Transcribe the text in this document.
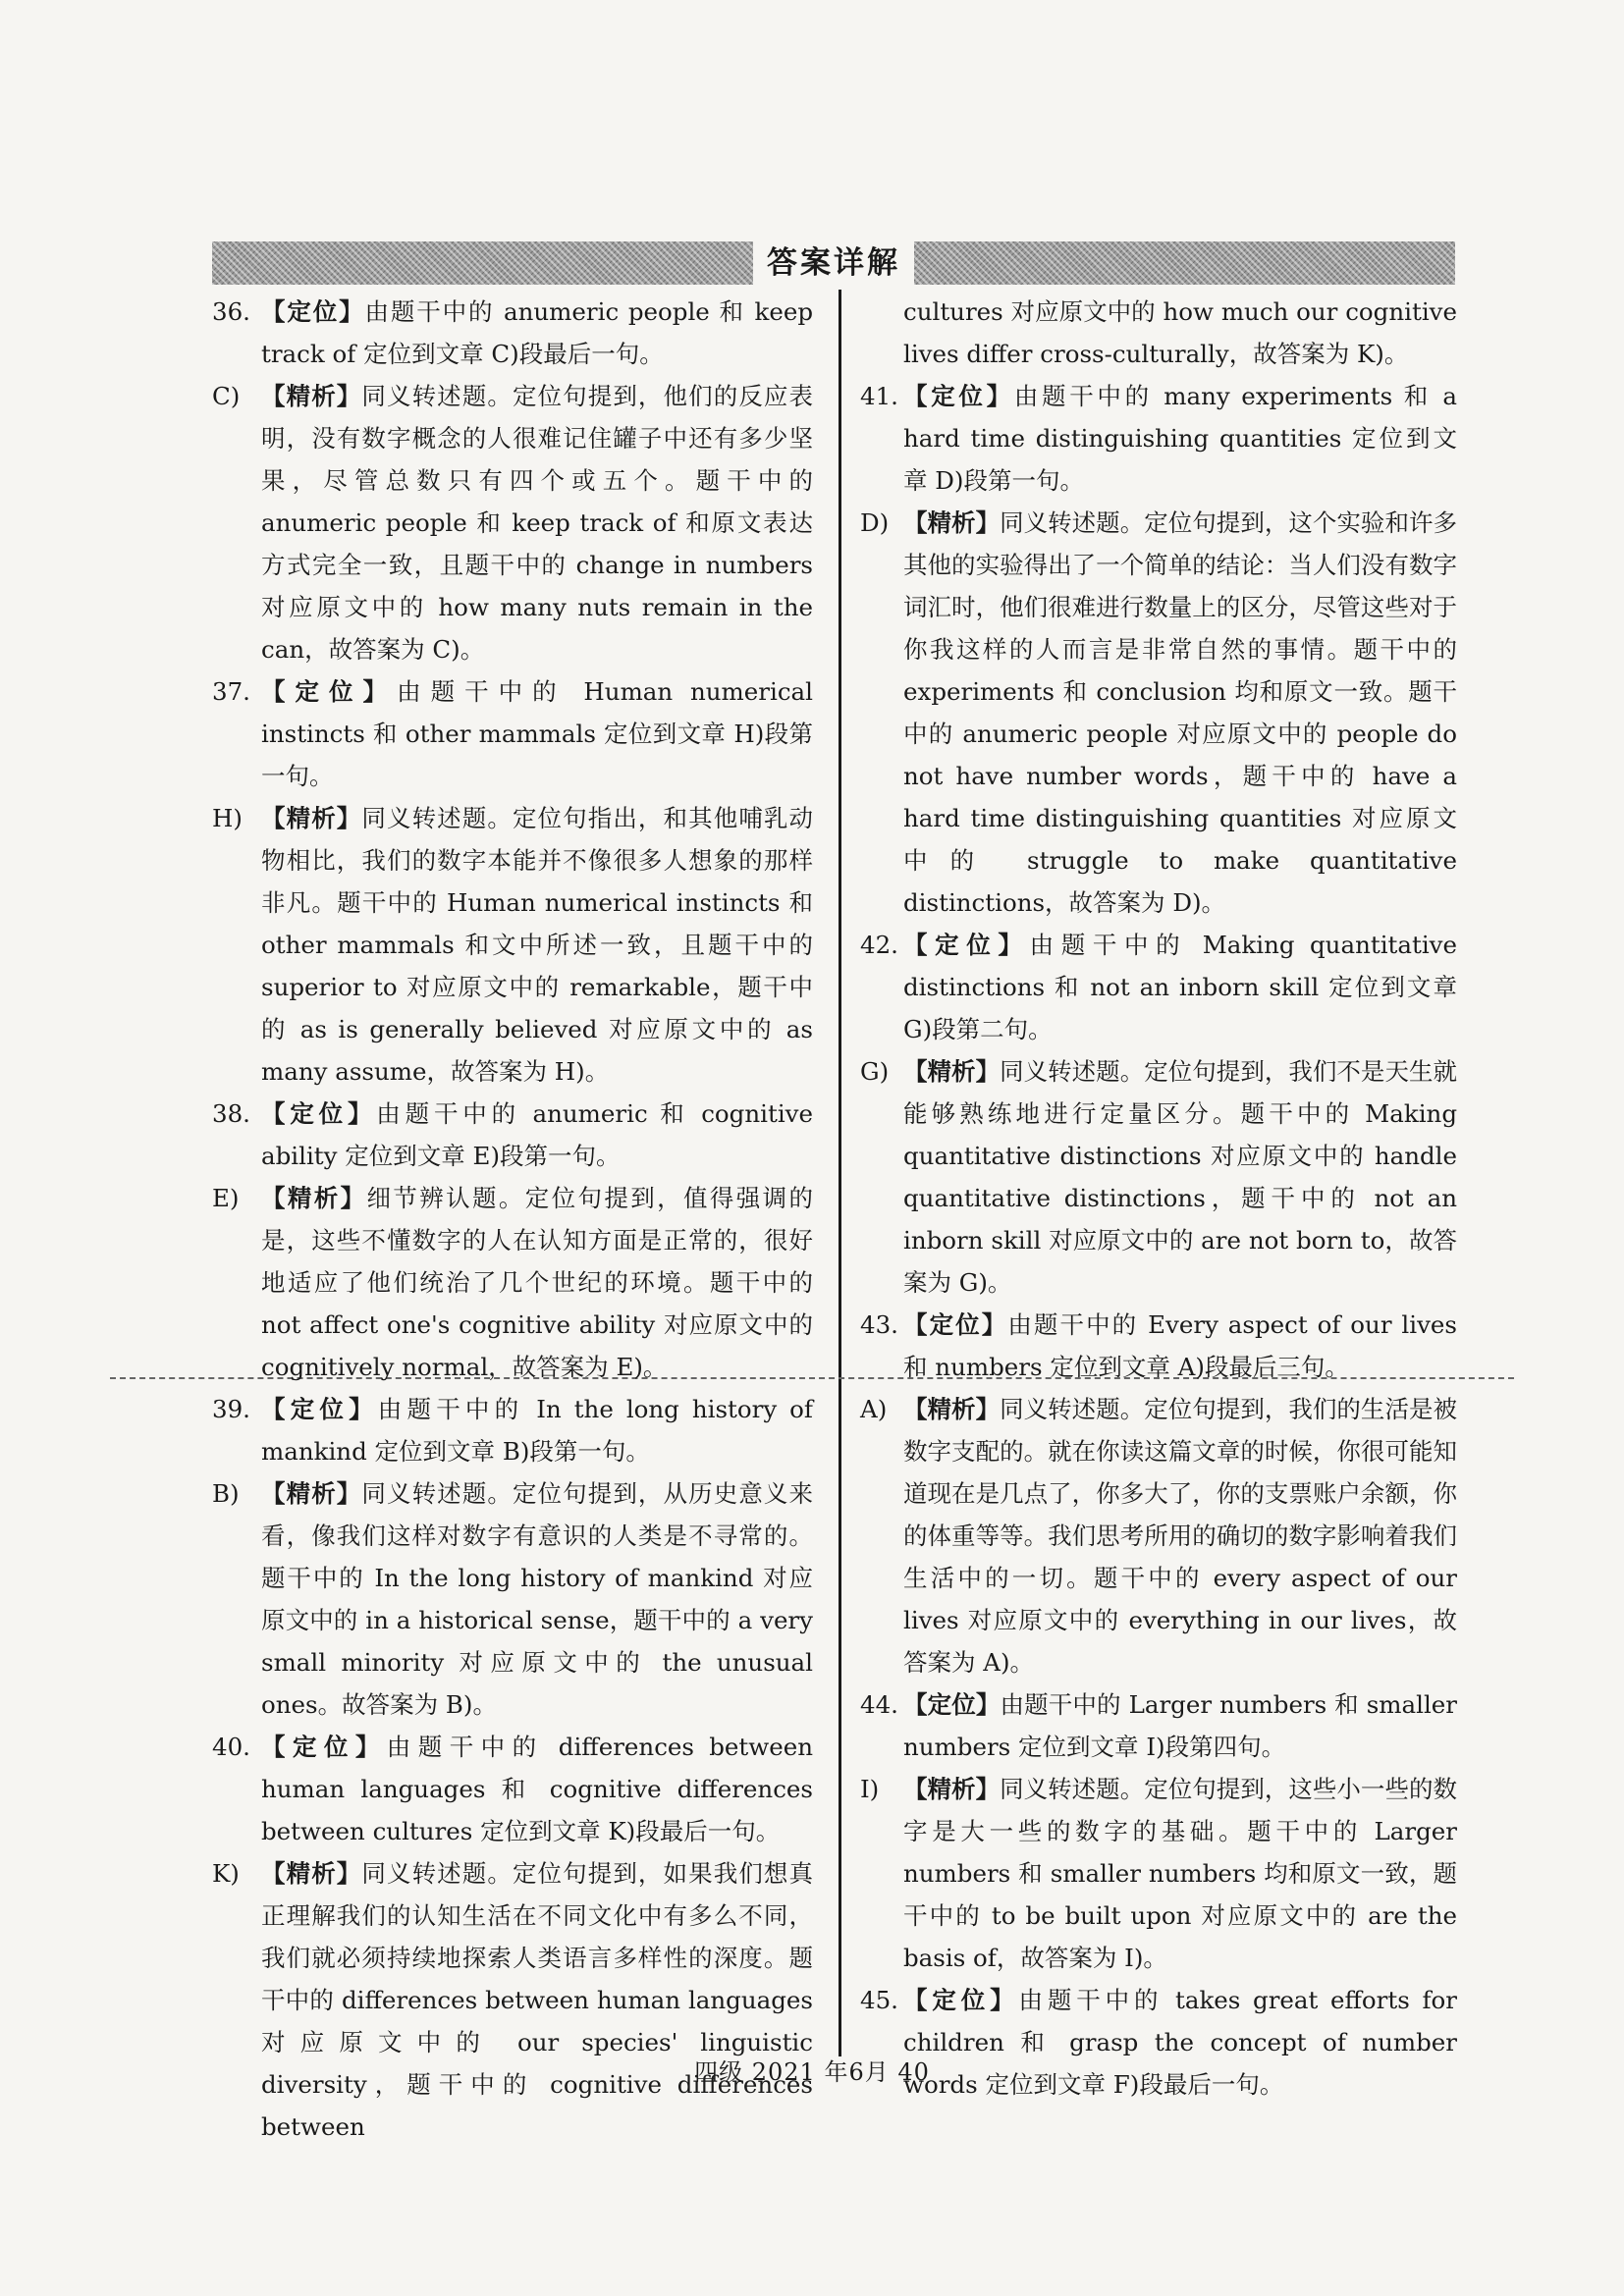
答案详解
36. 【定位】由题干中的 anumeric people 和 keep track of 定位到文章 C)段最后一句。
C) 【精析】同义转述题。定位句提到，他们的反应表明，没有数字概念的人很难记住罐子中还有多少坚果，尽管总数只有四个或五个。题干中的 anumeric people 和 keep track of 和原文表达方式完全一致，且题干中的 change in numbers 对应原文中的 how many nuts remain in the can，故答案为 C)。
37. 【定位】由题干中的 Human numerical instincts 和 other mammals 定位到文章 H)段第一句。
H) 【精析】同义转述题。定位句指出，和其他哺乳动物相比，我们的数字本能并不像很多人想象的那样非凡。题干中的 Human numerical instincts 和 other mammals 和文中所述一致，且题干中的 superior to 对应原文中的 remarkable，题干中的 as is generally believed 对应原文中的 as many assume，故答案为 H)。
38. 【定位】由题干中的 anumeric 和 cognitive ability 定位到文章 E)段第一句。
E) 【精析】细节辨认题。定位句提到，值得强调的是，这些不懂数字的人在认知方面是正常的，很好地适应了他们统治了几个世纪的环境。题干中的 not affect one's cognitive ability 对应原文中的 cognitively normal，故答案为 E)。
39. 【定位】由题干中的 In the long history of mankind 定位到文章 B)段第一句。
B) 【精析】同义转述题。定位句提到，从历史意义来看，像我们这样对数字有意识的人类是不寻常的。题干中的 In the long history of mankind 对应原文中的 in a historical sense，题干中的 a very small minority 对应原文中的 the unusual ones。故答案为 B)。
40. 【定位】由题干中的 differences between human languages 和 cognitive differences between cultures 定位到文章 K)段最后一句。
K) 【精析】同义转述题。定位句提到，如果我们想真正理解我们的认知生活在不同文化中有多么不同，我们就必须持续地探索人类语言多样性的深度。题干中的 differences between human languages 对应原文中的 our species' linguistic diversity，题干中的 cognitive differences between
cultures 对应原文中的 how much our cognitive lives differ cross-culturally，故答案为 K)。
41. 【定位】由题干中的 many experiments 和 a hard time distinguishing quantities 定位到文章 D)段第一句。
D) 【精析】同义转述题。定位句提到，这个实验和许多其他的实验得出了一个简单的结论：当人们没有数字词汇时，他们很难进行数量上的区分，尽管这些对于你我这样的人而言是非常自然的事情。题干中的 experiments 和 conclusion 均和原文一致。题干中的 anumeric people 对应原文中的 people do not have number words，题干中的 have a hard time distinguishing quantities 对应原文中的 struggle to make quantitative distinctions，故答案为 D)。
42. 【定位】由题干中的 Making quantitative distinctions 和 not an inborn skill 定位到文章 G)段第二句。
G) 【精析】同义转述题。定位句提到，我们不是天生就能够熟练地进行定量区分。题干中的 Making quantitative distinctions 对应原文中的 handle quantitative distinctions，题干中的 not an inborn skill 对应原文中的 are not born to，故答案为 G)。
43. 【定位】由题干中的 Every aspect of our lives 和 numbers 定位到文章 A)段最后三句。
A) 【精析】同义转述题。定位句提到，我们的生活是被数字支配的。就在你读这篇文章的时候，你很可能知道现在是几点了，你多大了，你的支票账户余额，你的体重等等。我们思考所用的确切的数字影响着我们生活中的一切。题干中的 every aspect of our lives 对应原文中的 everything in our lives，故答案为 A)。
44. 【定位】由题干中的 Larger numbers 和 smaller numbers 定位到文章 I)段第四句。
I) 【精析】同义转述题。定位句提到，这些小一些的数字是大一些的数字的基础。题干中的 Larger numbers 和 smaller numbers 均和原文一致，题干中的 to be built upon 对应原文中的 are the basis of，故答案为 I)。
45. 【定位】由题干中的 takes great efforts for children 和 grasp the concept of number words 定位到文章 F)段最后一句。
四级 2021 年6月 40
